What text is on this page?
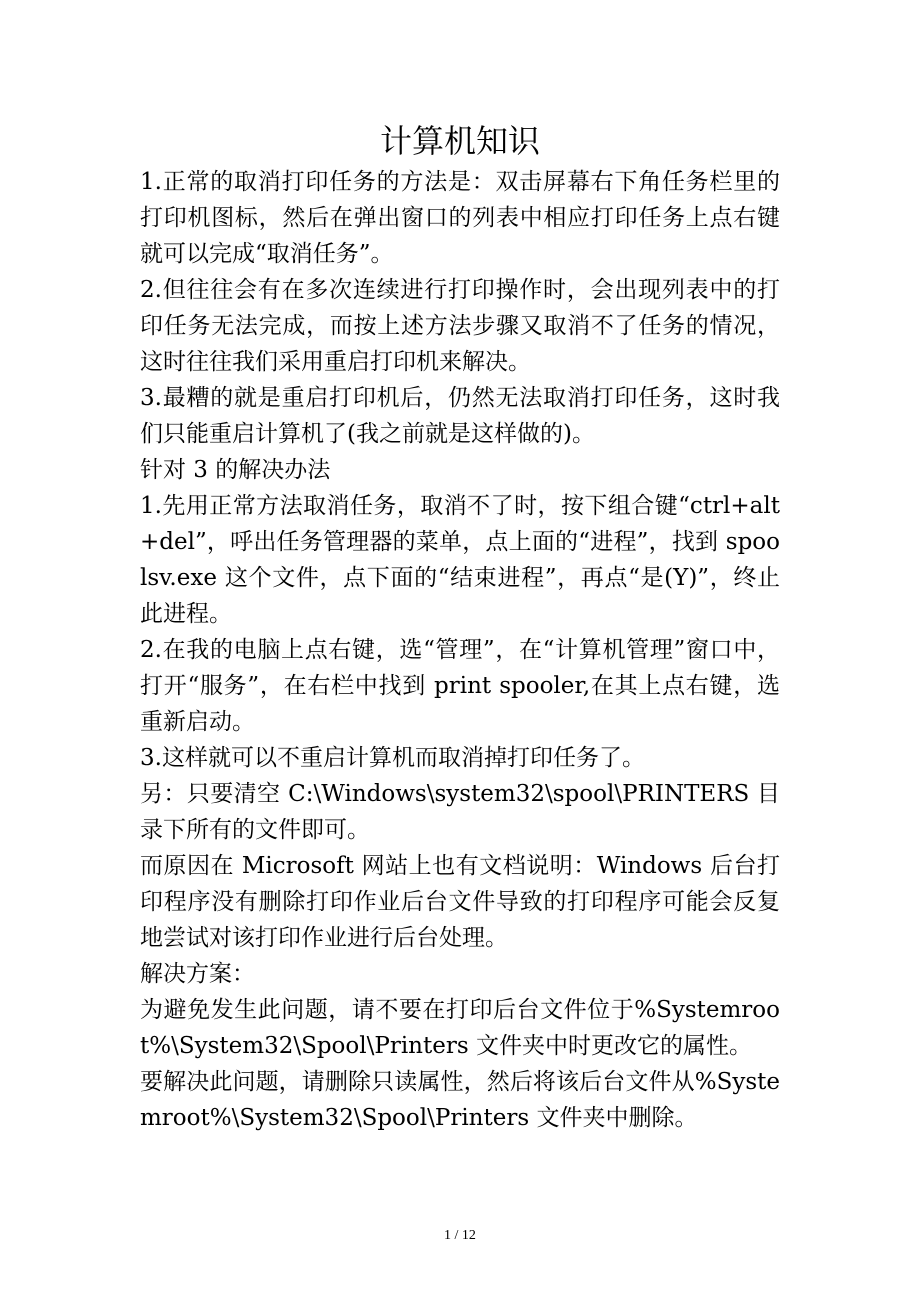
计算机知识

1.正常的取消打印任务的方法是：双击屏幕右下角任务栏里的打印机图标，然后在弹出窗口的列表中相应打印任务上点右键就可以完成“取消任务”。

2.但往往会有在多次连续进行打印操作时，会出现列表中的打印任务无法完成，而按上述方法步骤又取消不了任务的情况，这时往往我们采用重启打印机来解决。

3.最糟的就是重启打印机后，仍然无法取消打印任务，这时我们只能重启计算机了(我之前就是这样做的)。

针对 3 的解决办法

1.先用正常方法取消任务，取消不了时，按下组合键“ctrl+alt+del”，呼出任务管理器的菜单，点上面的“进程”，找到 spoolsv.exe 这个文件，点下面的“结束进程”，再点“是(Y)”，终止此进程。

2.在我的电脑上点右键，选“管理”，在“计算机管理”窗口中，打开“服务”，在右栏中找到 print spooler,在其上点右键，选重新启动。

3.这样就可以不重启计算机而取消掉打印任务了。

另：只要清空 C:\Windows\system32\spool\PRINTERS 目录下所有的文件即可。

而原因在 Microsoft 网站上也有文档说明：Windows 后台打印程序没有删除打印作业后台文件导致的打印程序可能会反复地尝试对该打印作业进行后台处理。

解决方案：

为避免发生此问题，请不要在打印后台文件位于%Systemroot%\System32\Spool\Printers 文件夹中时更改它的属性。

要解决此问题，请删除只读属性，然后将该后台文件从%Systemroot%\System32\Spool\Printers 文件夹中删除。

1 / 12
